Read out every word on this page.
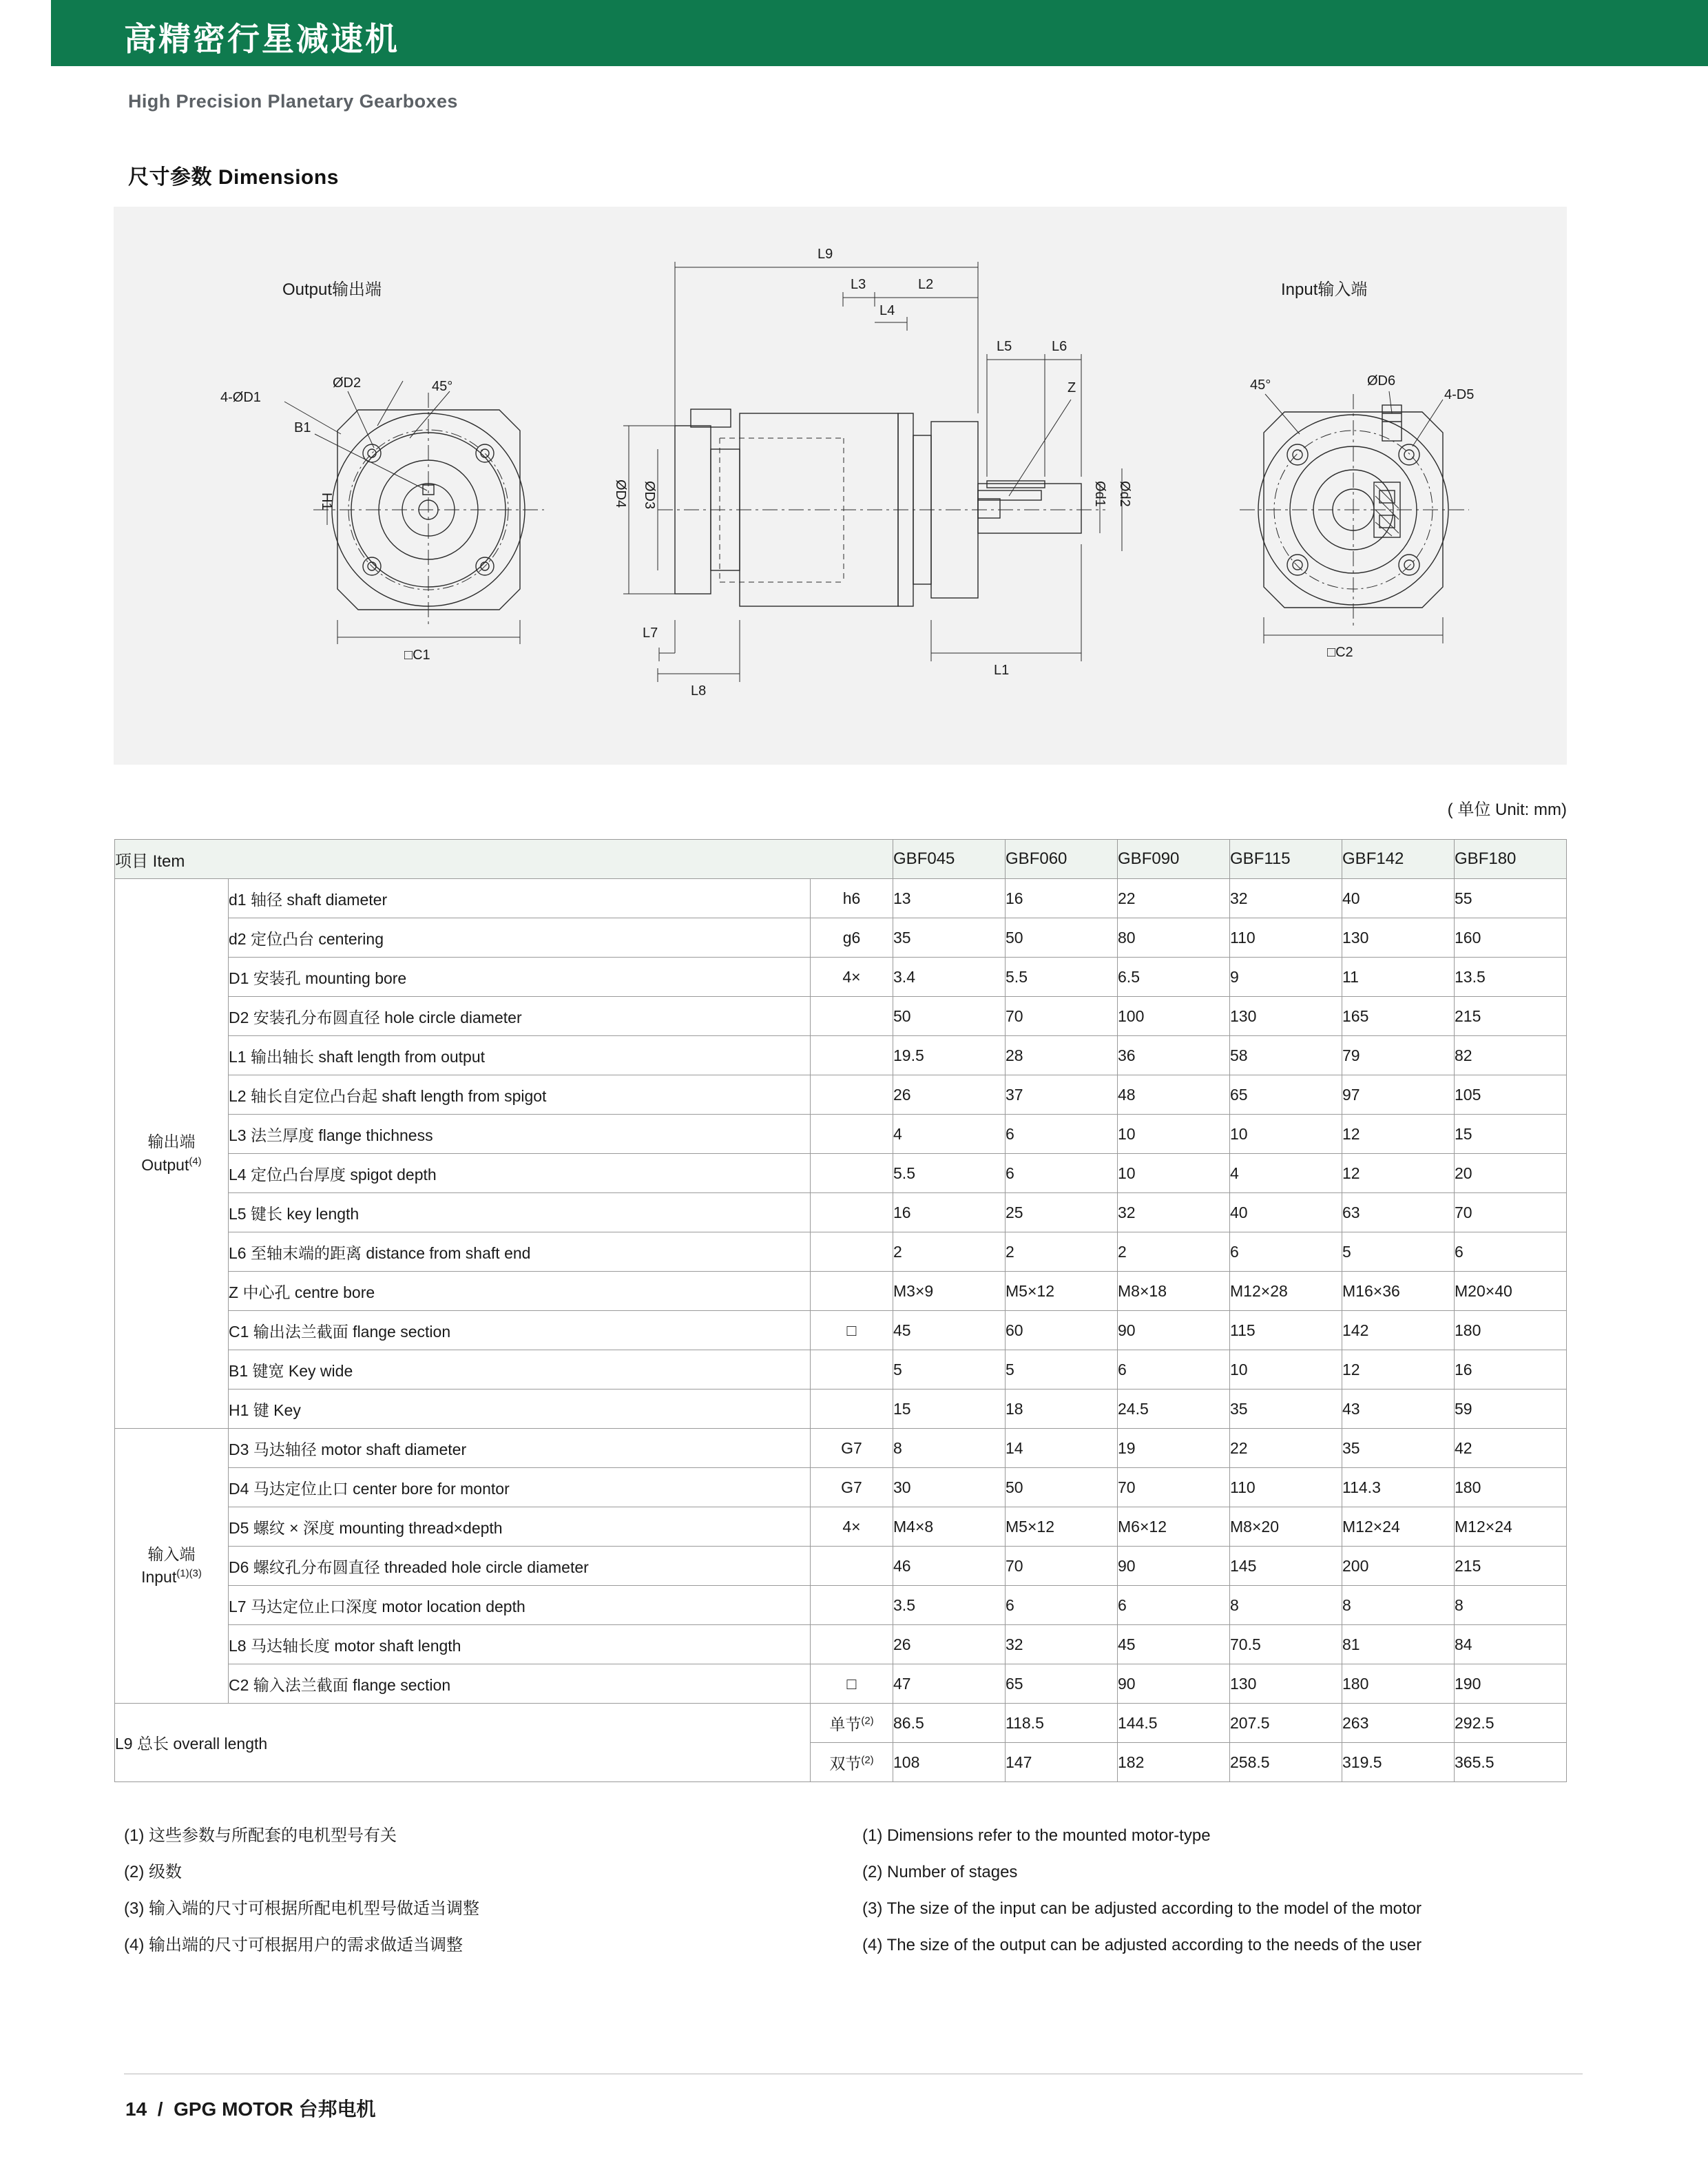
高精密行星减速机
High Precision Planetary Gearboxes
尺寸参数 Dimensions
Output输出端	Input输入端
4-ØD1
ØD2	45°
B1
H1
□C1
L9
L3	L2
L4
L5	L6
Z
ØD4 ØD3	Ød1 Ød2
L7
L8
L1
45°	ØD6
4-D5
□C2
( 单位 Unit: mm)
项目 Item			GBF045	GBF060	GBF090	GBF115	GBF142	GBF180
输出端
Output$^{(4)}$	d1 轴径 shaft diameter	h6	13	16	22	32	40	55
	d2 定位凸台 centering	g6	35	50	80	110	130	160
	D1 安装孔 mounting bore	4×	3.4	5.5	6.5	9	11	13.5
	D2 安装孔分布圆直径 hole circle diameter		50	70	100	130	165	215
	L1 输出轴长 shaft length from output		19.5	28	36	58	79	82
	L2 轴长自定位凸台起 shaft length from spigot		26	37	48	65	97	105
	L3 法兰厚度 flange thichness		4	6	10	10	12	15
	L4 定位凸台厚度 spigot depth		5.5	6	10	4	12	20
	L5 键长 key length		16	25	32	40	63	70
	L6 至轴末端的距离 distance from shaft end		2	2	2	6	5	6
	Z 中心孔 centre bore		M3×9	M5×12	M8×18	M12×28	M16×36	M20×40
	C1 输出法兰截面 flange section	□	45	60	90	115	142	180
	B1 键宽 Key wide		5	5	6	10	12	16
	H1 键 Key		15	18	24.5	35	43	59
输入端
Input$^{(1)(3)}$	D3 马达轴径 motor shaft diameter	G7	8	14	19	22	35	42
	D4 马达定位止口 center bore for montor	G7	30	50	70	110	114.3	180
	D5 螺纹 × 深度 mounting thread×depth	4×	M4×8	M5×12	M6×12	M8×20	M12×24	M12×24
	D6 螺纹孔分布圆直径 threaded hole circle diameter		46	70	90	145	200	215
	L7 马达定位止口深度 motor location depth		3.5	6	6	8	8	8
	L8 马达轴长度 motor shaft length		26	32	45	70.5	81	84
	C2 输入法兰截面 flange section	□	47	65	90	130	180	190
L9 总长 overall length		单节$^{(2)}$	86.5	118.5	144.5	207.5	263	292.5
		双节$^{(2)}$	108	147	182	258.5	319.5	365.5
(1) 这些参数与所配套的电机型号有关
(2) 级数
(3) 输入端的尺寸可根据所配电机型号做适当调整
(4) 输出端的尺寸可根据用户的需求做适当调整
(1) Dimensions refer to the mounted motor-type
(2) Number of stages
(3) The size of the input can be adjusted according to the model of the motor
(4) The size of the output can be adjusted according to the needs of the user
14 / GPG MOTOR 台邦电机
